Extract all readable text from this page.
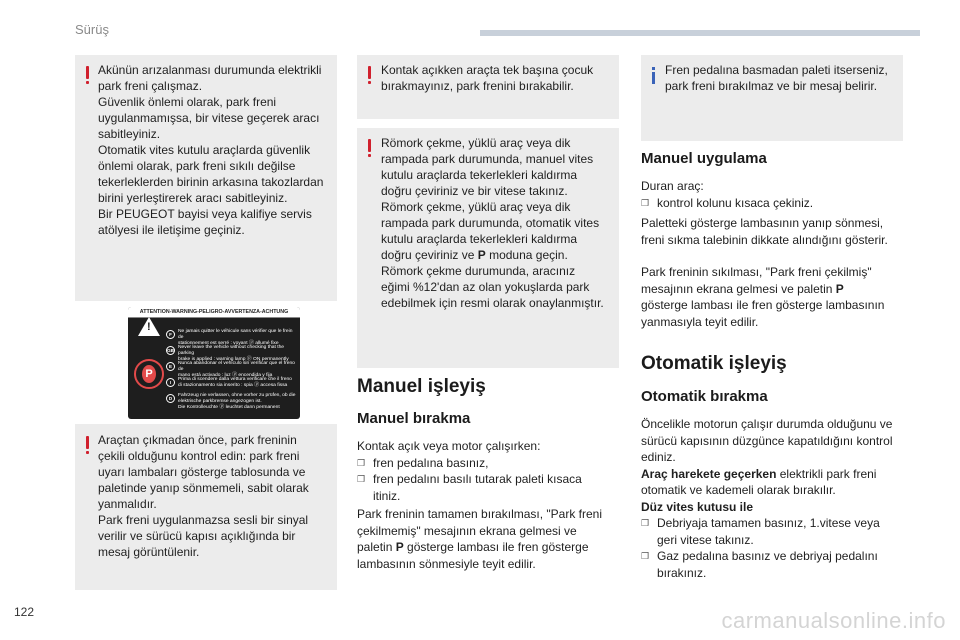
Sürüş

Akünün arızalanması durumunda elektrikli
park freni çalışmaz.
Güvenlik önlemi olarak, park freni
uygulanmamışsa, bir vitese geçerek aracı
sabitleyiniz.
Otomatik vites kutulu araçlarda güvenlik
önlemi olarak, park freni sıkılı değilse
tekerleklerden birinin arkasına takozlardan
birini yerleştirerek aracı sabitleyiniz.
Bir PEUGEOT bayisi veya kalifiye servis
atölyesi ile iletişime geçiniz.

ATTENTION-WARNING-PELIGRO-AVVERTENZA-ACHTUNG
!
P
F
Ne jamais quitter le véhicule sans vérifier que le frein de
stationnement est serré : voyant ⓟ allumé fixe
GB
Never leave the vehicle without checking that the parking
brake is applied : warning lamp ⓟ ON permanently
E
Nunca abandonar el vehículo sin verificar que el freno de
mano está activado : luz ⓟ encendida y fija
I
Prima di scendere dalla vettura verificare che il freno
di stazionamento sia inserito : spia ⓟ accesa fissa
D
Fahrzeug nie verlassen, ohne vorher zu prüfen, ob die
elektrische parkbremse angezogen ist.
Die Kontrolleuchte ⓟ leuchtet dann permanent

Araçtan çıkmadan önce, park freninin
çekili olduğunu kontrol edin: park freni
uyarı lambaları gösterge tablosunda ve
paletinde yanıp sönmemeli, sabit olarak
yanmalıdır.
Park freni uygulanmazsa sesli bir sinyal
verilir ve sürücü kapısı açıklığında bir
mesaj görüntülenir.

Kontak açıkken araçta tek başına çocuk
bırakmayınız, park frenini bırakabilir.

Römork çekme, yüklü araç veya dik
rampada park durumunda, manuel vites
kutulu araçlarda tekerlekleri kaldırma
doğru çeviriniz ve bir vitese takınız.
Römork çekme, yüklü araç veya dik
rampada park durumunda, otomatik vites
kutulu araçlarda tekerlekleri kaldırma
doğru çeviriniz ve P moduna geçin.
Römork çekme durumunda, aracınız
eğimi %12'dan az olan yokuşlarda park
edebilmek için resmi olarak onaylanmıştır.

Manuel işleyiş
Manuel bırakma
Kontak açık veya motor çalışırken:
❒ fren pedalına basınız,
❒ fren pedalını basılı tutarak paleti kısaca
itiniz.

Park freninin tamamen bırakılması, "Park freni
çekilmemiş" mesajının ekrana gelmesi ve
paletin P gösterge lambası ile fren gösterge
lambasının sönmesiyle teyit edilir.

Fren pedalına basmadan paleti itserseniz,
park freni bırakılmaz ve bir mesaj belirir.

Manuel uygulama
Duran araç:
❒ kontrol kolunu kısaca çekiniz.

Paletteki gösterge lambasının yanıp sönmesi,
freni sıkma talebinin dikkate alındığını gösterir.

Park freninin sıkılması, "Park freni çekilmiş"
mesajının ekrana gelmesi ve paletin P
gösterge lambası ile fren gösterge lambasının
yanmasıyla teyit edilir.

Otomatik işleyiş
Otomatik bırakma

Öncelikle motorun çalışır durumda olduğunu ve
sürücü kapısının düzgünce kapatıldığını kontrol
ediniz.

Araç harekete geçerken elektrikli park freni
otomatik ve kademeli olarak bırakılır.

Düz vites kutusu ile
❒ Debriyaja tamamen basınız, 1.vitese veya
geri vitese takınız.
❒ Gaz pedalına basınız ve debriyaj pedalını
bırakınız.
122	carmanualsonline.info
